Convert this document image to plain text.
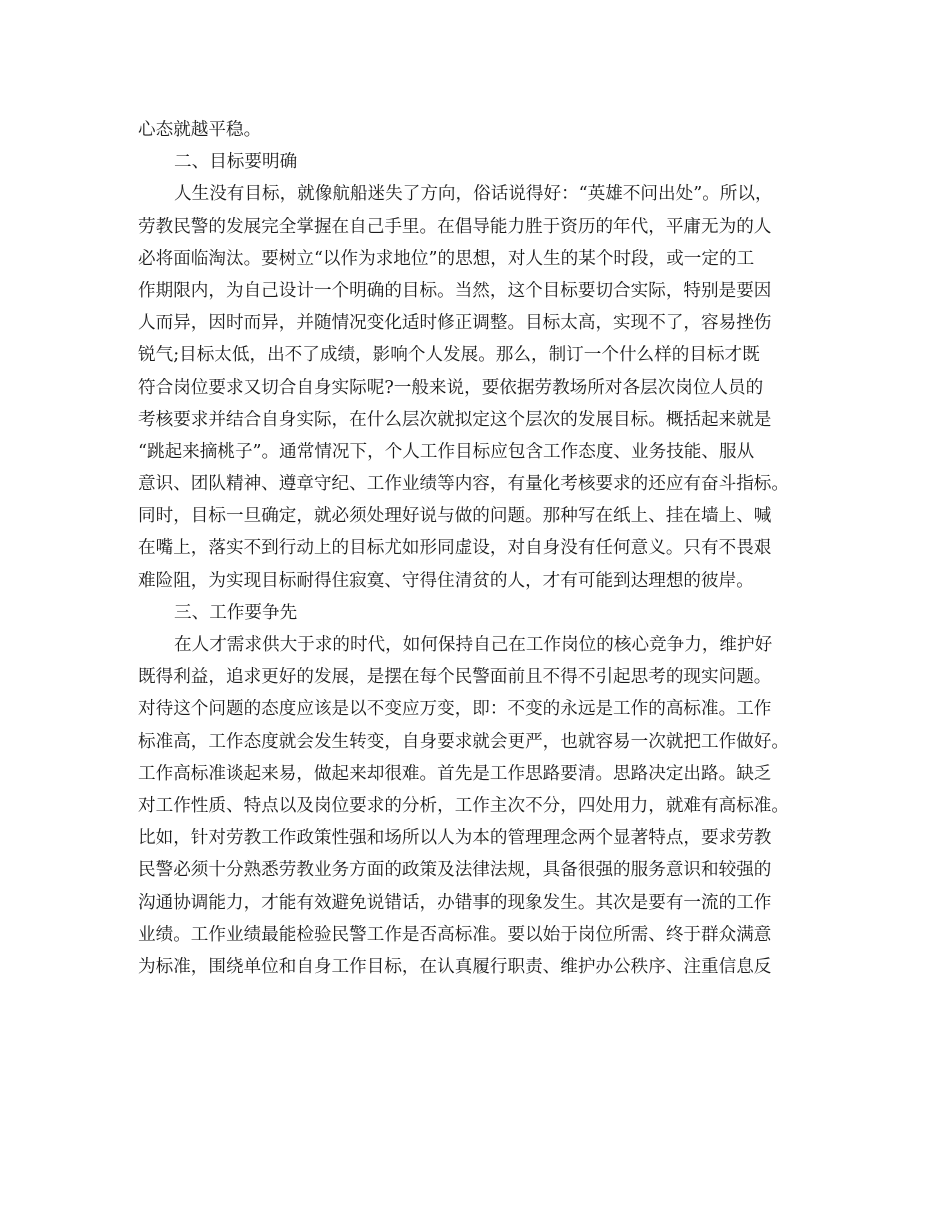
心态就越平稳。
二、目标要明确
人生没有目标，就像航船迷失了方向，俗话说得好：“英雄不问出处”。所以，
劳教民警的发展完全掌握在自己手里。在倡导能力胜于资历的年代，平庸无为的人
必将面临淘汰。要树立“以作为求地位”的思想，对人生的某个时段，或一定的工
作期限内，为自己设计一个明确的目标。当然，这个目标要切合实际，特别是要因
人而异，因时而异，并随情况变化适时修正调整。目标太高，实现不了，容易挫伤
锐气;目标太低，出不了成绩，影响个人发展。那么，制订一个什么样的目标才既
符合岗位要求又切合自身实际呢?一般来说，要依据劳教场所对各层次岗位人员的
考核要求并结合自身实际，在什么层次就拟定这个层次的发展目标。概括起来就是
“跳起来摘桃子”。通常情况下，个人工作目标应包含工作态度、业务技能、服从
意识、团队精神、遵章守纪、工作业绩等内容，有量化考核要求的还应有奋斗指标。
同时，目标一旦确定，就必须处理好说与做的问题。那种写在纸上、挂在墙上、喊
在嘴上，落实不到行动上的目标尤如形同虚设，对自身没有任何意义。只有不畏艰
难险阻，为实现目标耐得住寂寞、守得住清贫的人，才有可能到达理想的彼岸。
三、工作要争先
在人才需求供大于求的时代，如何保持自己在工作岗位的核心竞争力，维护好
既得利益，追求更好的发展，是摆在每个民警面前且不得不引起思考的现实问题。
对待这个问题的态度应该是以不变应万变，即：不变的永远是工作的高标准。工作
标准高，工作态度就会发生转变，自身要求就会更严，也就容易一次就把工作做好。
工作高标准谈起来易，做起来却很难。首先是工作思路要清。思路决定出路。缺乏
对工作性质、特点以及岗位要求的分析，工作主次不分，四处用力，就难有高标准。
比如，针对劳教工作政策性强和场所以人为本的管理理念两个显著特点，要求劳教
民警必须十分熟悉劳教业务方面的政策及法律法规，具备很强的服务意识和较强的
沟通协调能力，才能有效避免说错话，办错事的现象发生。其次是要有一流的工作
业绩。工作业绩最能检验民警工作是否高标准。要以始于岗位所需、终于群众满意
为标准，围绕单位和自身工作目标，在认真履行职责、维护办公秩序、注重信息反
